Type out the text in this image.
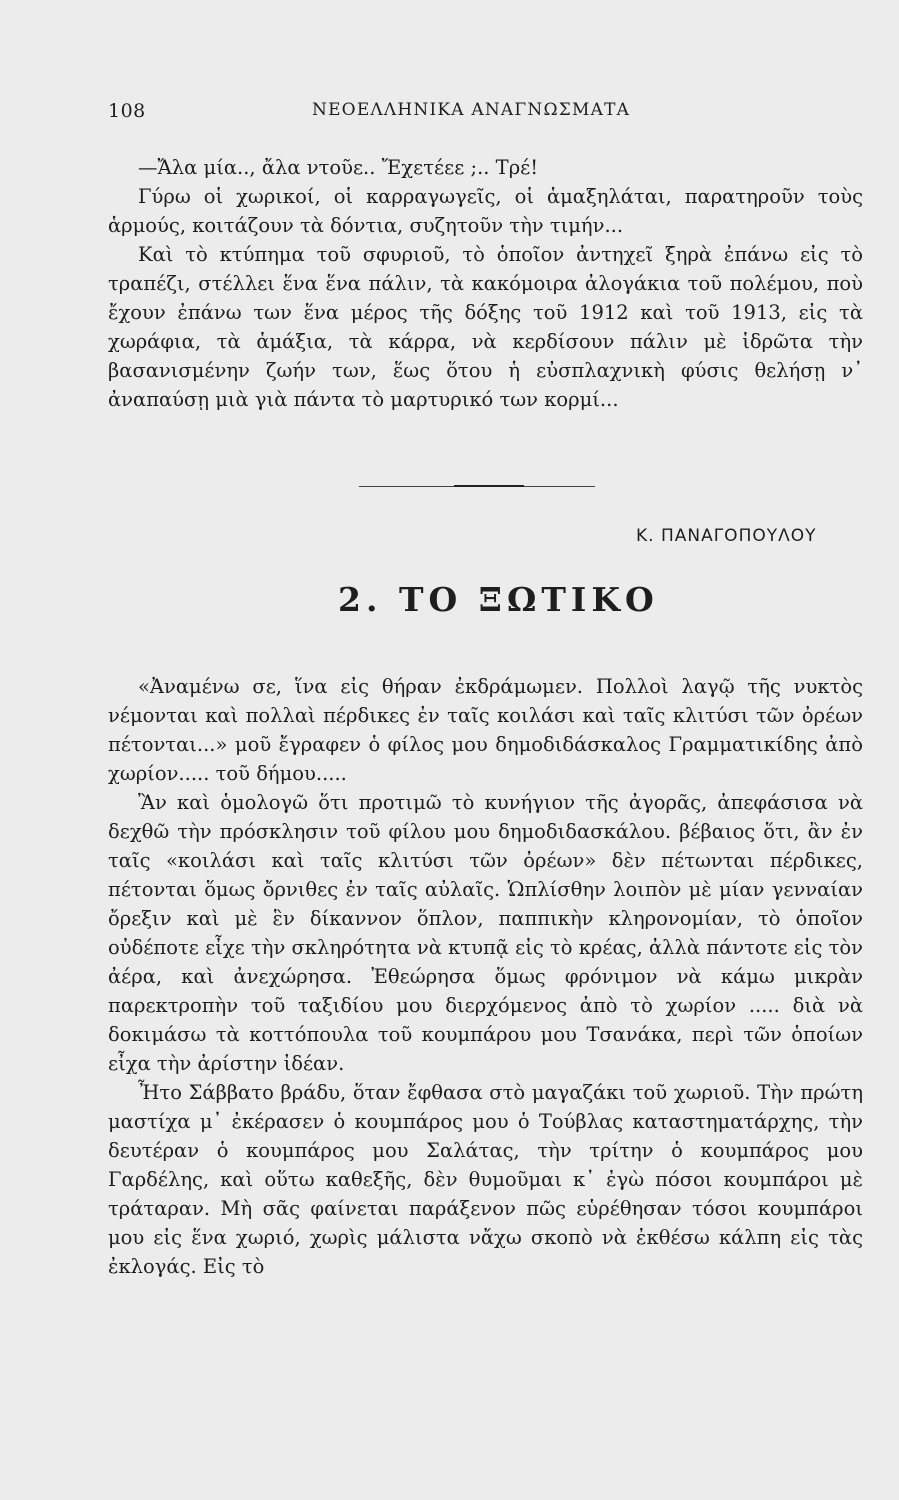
108	ΝΕΟΕΛΛΗΝΙΚΑ ΑΝΑΓΝΩΣΜΑΤΑ

—Ἄλα μία.., ἄλα ντοῦε.. Ἔχετέεε ;.. Τρέ!

Γύρω οἱ χωρικοί, οἱ καρραγωγεῖς, οἱ ἁμαξηλάται, παρατηροῦν τοὺς ἁρμούς, κοιτάζουν τὰ δόντια, συζητοῦν τὴν τιμήν...

Καὶ τὸ κτύπημα τοῦ σφυριοῦ, τὸ ὁποῖον ἀντηχεῖ ξηρὰ ἐπάνω εἰς τὸ τραπέζι, στέλλει ἕνα ἕνα πάλιν, τὰ κακόμοιρα ἀλογάκια τοῦ πολέμου, ποὺ ἔχουν ἐπάνω των ἕνα μέρος τῆς δόξης τοῦ 1912 καὶ τοῦ 1913, εἰς τὰ χωράφια, τὰ ἁμάξια, τὰ κάρρα, νὰ κερδίσουν πάλιν μὲ ἱδρῶτα τὴν βασανισμένην ζωήν των, ἕως ὅτου ἡ εὐσπλαχνικὴ φύσις θελήσῃ ν᾽ ἀναπαύσῃ μιὰ γιὰ πάντα τὸ μαρτυρικό των κορμί...

Κ. ΠΑΝΑΓΟΠΟΥΛΟΥ
2. ΤΟ ΞΩΤΙΚΟ

«Ἀναμένω σε, ἵνα εἰς θήραν ἐκδράμωμεν. Πολλοὶ λαγῷ τῆς νυκτὸς νέμονται καὶ πολλαὶ πέρδικες ἐν ταῖς κοιλάσι καὶ ταῖς κλιτύσι τῶν ὀρέων πέτονται...» μοῦ ἔγραφεν ὁ φίλος μου δημοδιδάσκαλος Γραμματικίδης ἀπὸ χωρίον..... τοῦ δήμου.....

Ἂν καὶ ὁμολογῶ ὅτι προτιμῶ τὸ κυνήγιον τῆς ἀγορᾶς, ἀπεφάσισα νὰ δεχθῶ τὴν πρόσκλησιν τοῦ φίλου μου δημοδιδασκάλου. βέβαιος ὅτι, ἂν ἐν ταῖς «κοιλάσι καὶ ταῖς κλιτύσι τῶν ὀρέων» δὲν πέτωνται πέρδικες, πέτονται ὅμως ὄρνιθες ἐν ταῖς αὐλαῖς. Ὡπλίσθην λοιπὸν μὲ μίαν γενναίαν ὄρεξιν καὶ μὲ ἓν δίκαννον ὅπλον, παππικὴν κληρονομίαν, τὸ ὁποῖον οὐδέποτε εἶχε τὴν σκληρότητα νὰ κτυπᾷ εἰς τὸ κρέας, ἀλλὰ πάντοτε εἰς τὸν ἀέρα, καὶ ἀνεχώρησα. Ἐθεώρησα ὅμως φρόνιμον νὰ κάμω μικρὰν παρεκτροπὴν τοῦ ταξιδίου μου διερχόμενος ἀπὸ τὸ χωρίον ..... διὰ νὰ δοκιμάσω τὰ κοττόπουλα τοῦ κουμπάρου μου Τσανάκα, περὶ τῶν ὁποίων εἶχα τὴν ἀρίστην ἰδέαν.

Ἦτο Σάββατο βράδυ, ὅταν ἔφθασα στὸ μαγαζάκι τοῦ χωριοῦ. Τὴν πρώτη μαστίχα μ᾽ ἐκέρασεν ὁ κουμπάρος μου ὁ Τούβλας καταστηματάρχης, τὴν δευτέραν ὁ κουμπάρος μου Σαλάτας, τὴν τρίτην ὁ κουμπάρος μου Γαρδέλης, καὶ οὕτω καθεξῆς, δὲν θυμοῦμαι κ᾽ ἐγὼ πόσοι κουμπάροι μὲ τράταραν. Μὴ σᾶς φαίνεται παράξενον πῶς εὑρέθησαν τόσοι κουμπάροι μου εἰς ἕνα χωριό, χωρὶς μάλιστα νἄχω σκοπὸ νὰ ἐκθέσω κάλπη εἰς τὰς ἐκλογάς. Εἰς τὸ
